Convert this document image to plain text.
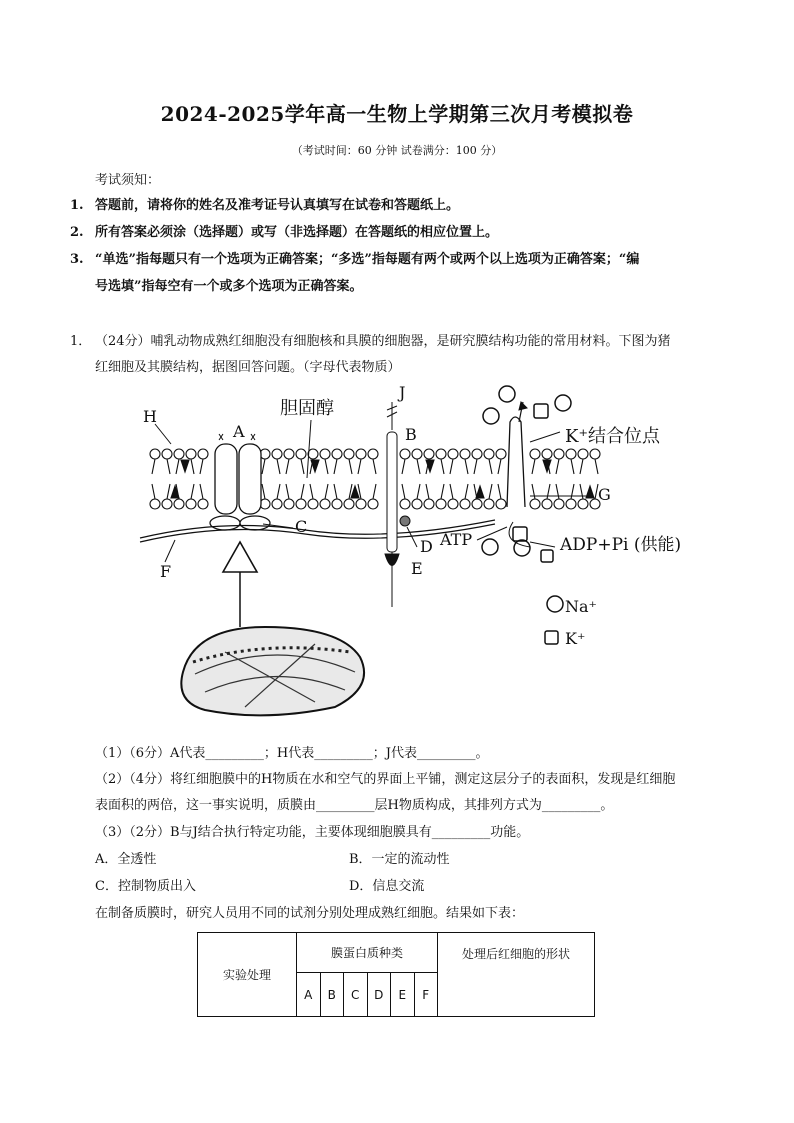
2024-2025学年高一生物上学期第三次月考模拟卷
（考试时间：60 分钟 试卷满分：100 分）
考试须知：
1. 答题前，请将你的姓名及准考证号认真填写在试卷和答题纸上。
2. 所有答案必须涂（选择题）或写（非选择题）在答题纸的相应位置上。
3. “单选”指每题只有一个选项为正确答案；“多选”指每题有两个或两个以上选项为正确答案；“编
号选填”指每空有一个或多个选项为正确答案。
1． （24分）哺乳动物成熟红细胞没有细胞核和具膜的细胞器，是研究膜结构功能的常用材料。下图为猪
红细胞及其膜结构，据图回答问题。（字母代表物质）
H
A
胆固醇
J
B	K⁺结合位点
G
C
D
E
F
ATP	ADP+Pi (供能)
Na⁺
K⁺
（1）（6分）A代表_________；H代表_________；J代表_________。
（2）（4分）将红细胞膜中的H物质在水和空气的界面上平铺，测定这层分子的表面积，发现是红细胞
表面积的两倍，这一事实说明，质膜由_________层H物质构成，其排列方式为_________。
（3）（2分）B与J结合执行特定功能，主要体现细胞膜具有_________功能。
A．全透性	B．一定的流动性
C．控制物质出入	D．信息交流
在制备质膜时，研究人员用不同的试剂分别处理成熟红细胞。结果如下表：
实验处理	膜蛋白质种类						处理后红细胞的形状
	A	B	C	D	E	F	
